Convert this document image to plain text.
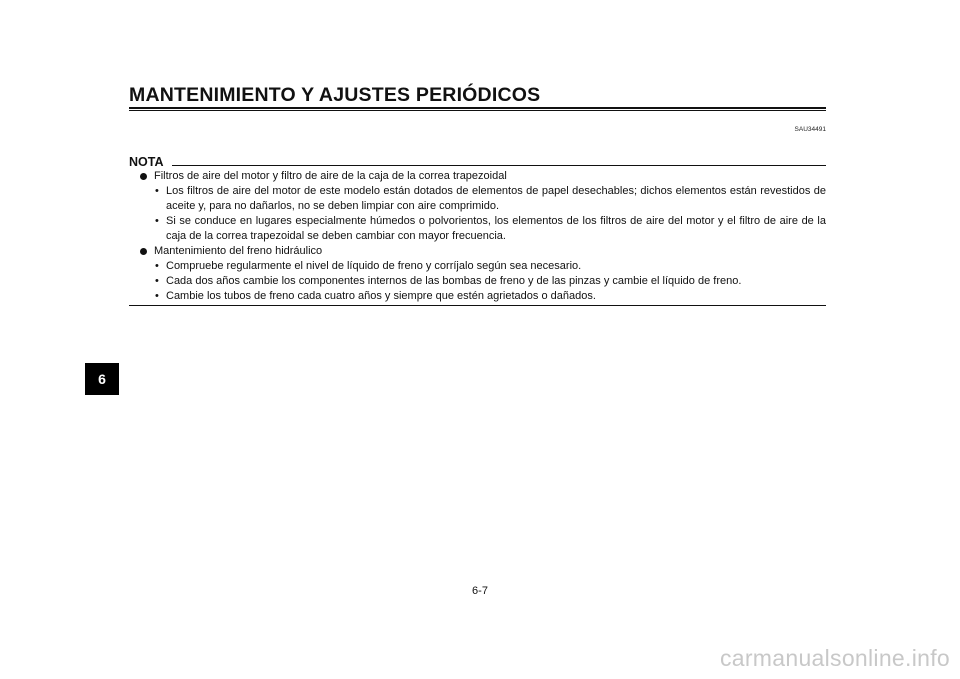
MANTENIMIENTO Y AJUSTES PERIÓDICOS
SAU34491
NOTA
Filtros de aire del motor y filtro de aire de la caja de la correa trapezoidal
• Los filtros de aire del motor de este modelo están dotados de elementos de papel desechables; dichos elementos están revestidos de aceite y, para no dañarlos, no se deben limpiar con aire comprimido.
• Si se conduce en lugares especialmente húmedos o polvorientos, los elementos de los filtros de aire del motor y el filtro de aire de la caja de la correa trapezoidal se deben cambiar con mayor frecuencia.
Mantenimiento del freno hidráulico
• Compruebe regularmente el nivel de líquido de freno y corríjalo según sea necesario.
• Cada dos años cambie los componentes internos de las bombas de freno y de las pinzas y cambie el líquido de freno.
• Cambie los tubos de freno cada cuatro años y siempre que estén agrietados o dañados.
6
6-7
carmanualsonline.info
